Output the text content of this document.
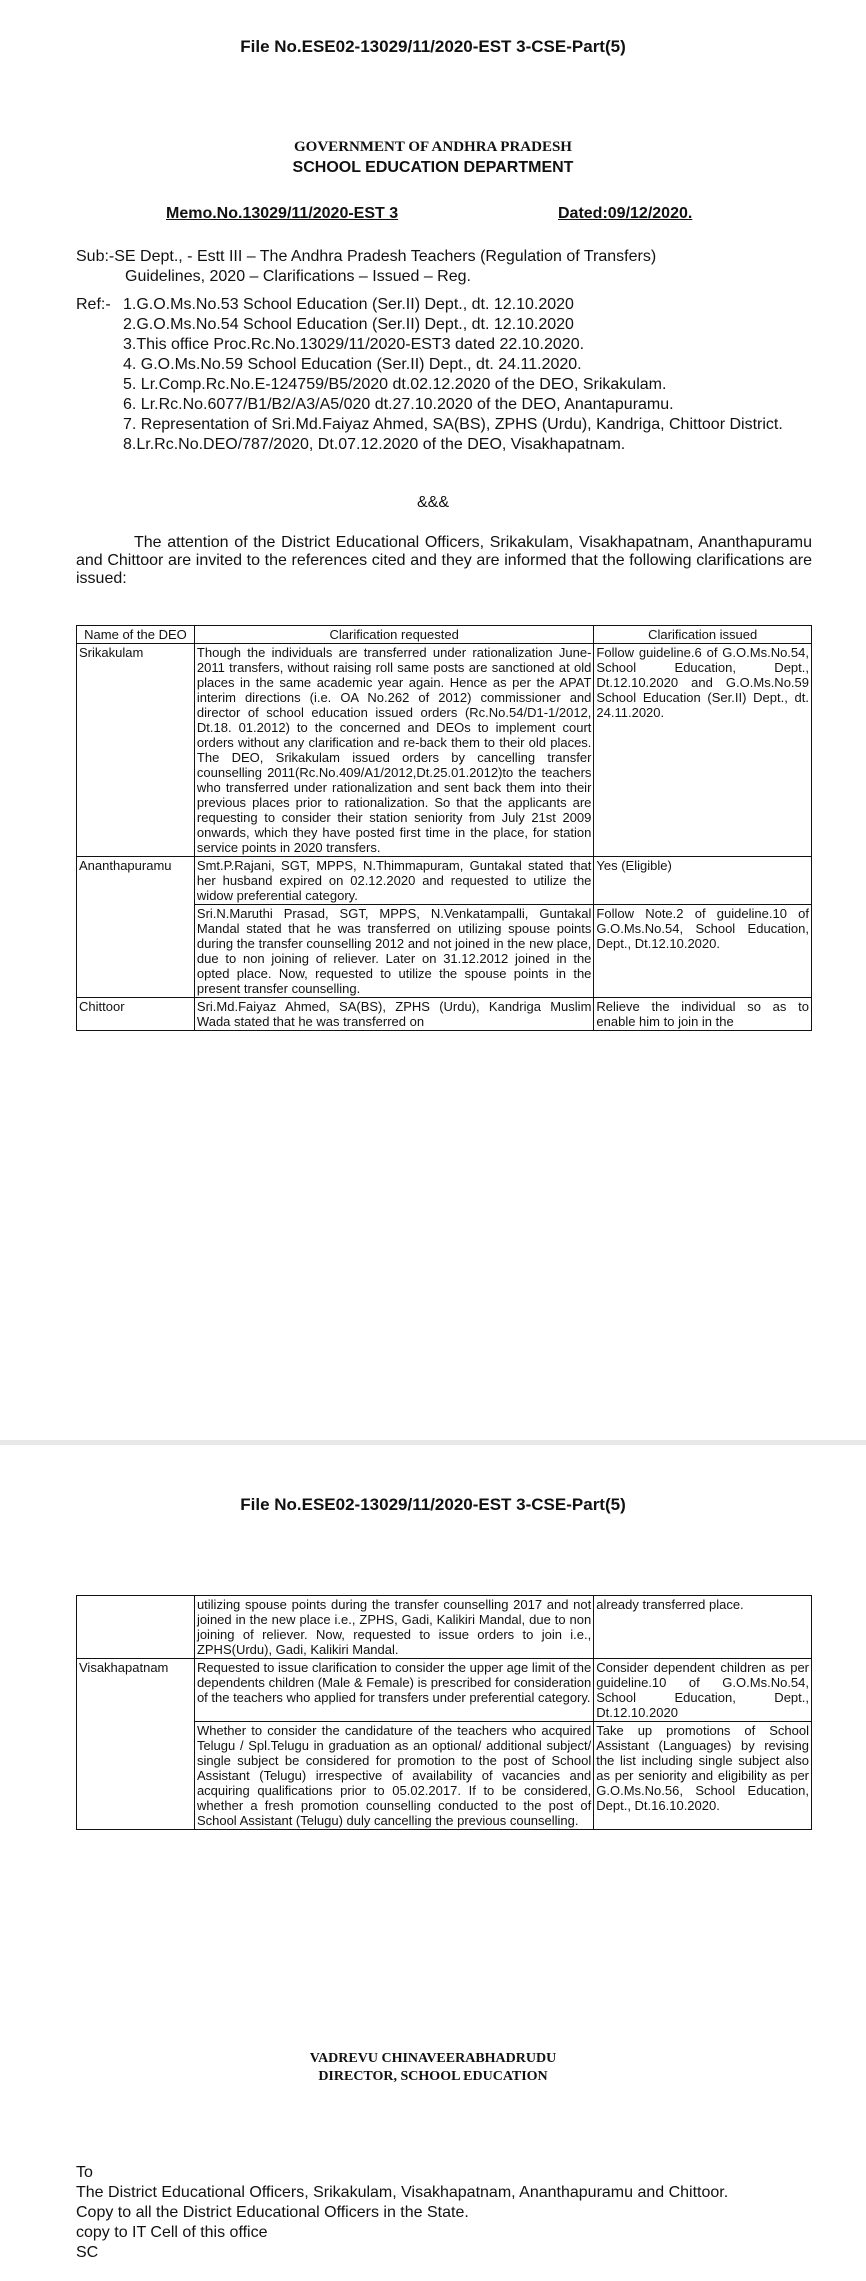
File No.ESE02-13029/11/2020-EST 3-CSE-Part(5)
GOVERNMENT OF ANDHRA PRADESH
SCHOOL EDUCATION DEPARTMENT
Memo.No.13029/11/2020-EST 3	Dated:09/12/2020.
Sub:-SE Dept., - Estt III – The Andhra Pradesh Teachers (Regulation of Transfers)
Guidelines, 2020 – Clarifications – Issued – Reg.
Ref:- 1.G.O.Ms.No.53 School Education (Ser.II) Dept., dt. 12.10.2020
2.G.O.Ms.No.54 School Education (Ser.II) Dept., dt. 12.10.2020
3.This office Proc.Rc.No.13029/11/2020-EST3 dated 22.10.2020.
4. G.O.Ms.No.59 School Education (Ser.II) Dept., dt. 24.11.2020.
5. Lr.Comp.Rc.No.E-124759/B5/2020 dt.02.12.2020 of the DEO, Srikakulam.
6. Lr.Rc.No.6077/B1/B2/A3/A5/020 dt.27.10.2020 of the DEO, Anantapuramu.
7. Representation of Sri.Md.Faiyaz Ahmed, SA(BS), ZPHS (Urdu), Kandriga, Chittoor District.
8.Lr.Rc.No.DEO/787/2020, Dt.07.12.2020 of the DEO, Visakhapatnam.
&&&
The attention of the District Educational Officers, Srikakulam, Visakhapatnam, Ananthapuramu and Chittoor are invited to the references cited and they are informed that the following clarifications are issued:
Name of the DEO	Clarification requested	Clarification issued
Srikakulam	Though the individuals are transferred under rationalization June-2011 transfers, without raising roll same posts are sanctioned at old places in the same academic year again. Hence as per the APAT interim directions (i.e. OA No.262 of 2012) commissioner and director of school education issued orders (Rc.No.54/D1-1/2012, Dt.18. 01.2012) to the concerned and DEOs to implement court orders without any clarification and re-back them to their old places. The DEO, Srikakulam issued orders by cancelling transfer counselling 2011(Rc.No.409/A1/2012,Dt.25.01.2012)to the teachers who transferred under rationalization and sent back them into their previous places prior to rationalization. So that the applicants are requesting to consider their station seniority from July 21st 2009 onwards, which they have posted first time in the place, for station service points in 2020 transfers.	Follow guideline.6 of G.O.Ms.No.54, School Education, Dept., Dt.12.10.2020 and G.O.Ms.No.59 School Education (Ser.II) Dept., dt. 24.11.2020.
Ananthapuramu	Smt.P.Rajani, SGT, MPPS, N.Thimmapuram, Guntakal stated that her husband expired on 02.12.2020 and requested to utilize the widow preferential category.	Yes (Eligible)
	Sri.N.Maruthi Prasad, SGT, MPPS, N.Venkatampalli, Guntakal Mandal stated that he was transferred on utilizing spouse points during the transfer counselling 2012 and not joined in the new place, due to non joining of reliever. Later on 31.12.2012 joined in the opted place. Now, requested to utilize the spouse points in the present transfer counselling.	Follow Note.2 of guideline.10 of G.O.Ms.No.54, School Education, Dept., Dt.12.10.2020.
Chittoor	Sri.Md.Faiyaz Ahmed, SA(BS), ZPHS (Urdu), Kandriga Muslim Wada stated that he was transferred on	Relieve the individual so as to enable him to join in the
File No.ESE02-13029/11/2020-EST 3-CSE-Part(5)
	utilizing spouse points during the transfer counselling 2017 and not joined in the new place i.e., ZPHS, Gadi, Kalikiri Mandal, due to non joining of reliever. Now, requested to issue orders to join i.e., ZPHS(Urdu), Gadi, Kalikiri Mandal.	already transferred place.
Visakhapatnam	Requested to issue clarification to consider the upper age limit of the dependents children (Male & Female) is prescribed for consideration of the teachers who applied for transfers under preferential category.	Consider dependent children as per guideline.10 of G.O.Ms.No.54, School Education, Dept., Dt.12.10.2020
	Whether to consider the candidature of the teachers who acquired Telugu / Spl.Telugu in graduation as an optional/ additional subject/ single subject be considered for promotion to the post of School Assistant (Telugu) irrespective of availability of vacancies and acquiring qualifications prior to 05.02.2017. If to be considered, whether a fresh promotion counselling conducted to the post of School Assistant (Telugu) duly cancelling the previous counselling.	Take up promotions of School Assistant (Languages) by revising the list including single subject also as per seniority and eligibility as per G.O.Ms.No.56, School Education, Dept., Dt.16.10.2020.
VADREVU CHINAVEERABHADRUDU
DIRECTOR, SCHOOL EDUCATION
To
The District Educational Officers, Srikakulam, Visakhapatnam, Ananthapuramu and Chittoor.
Copy to all the District Educational Officers in the State.
copy to IT Cell of this office
SC
